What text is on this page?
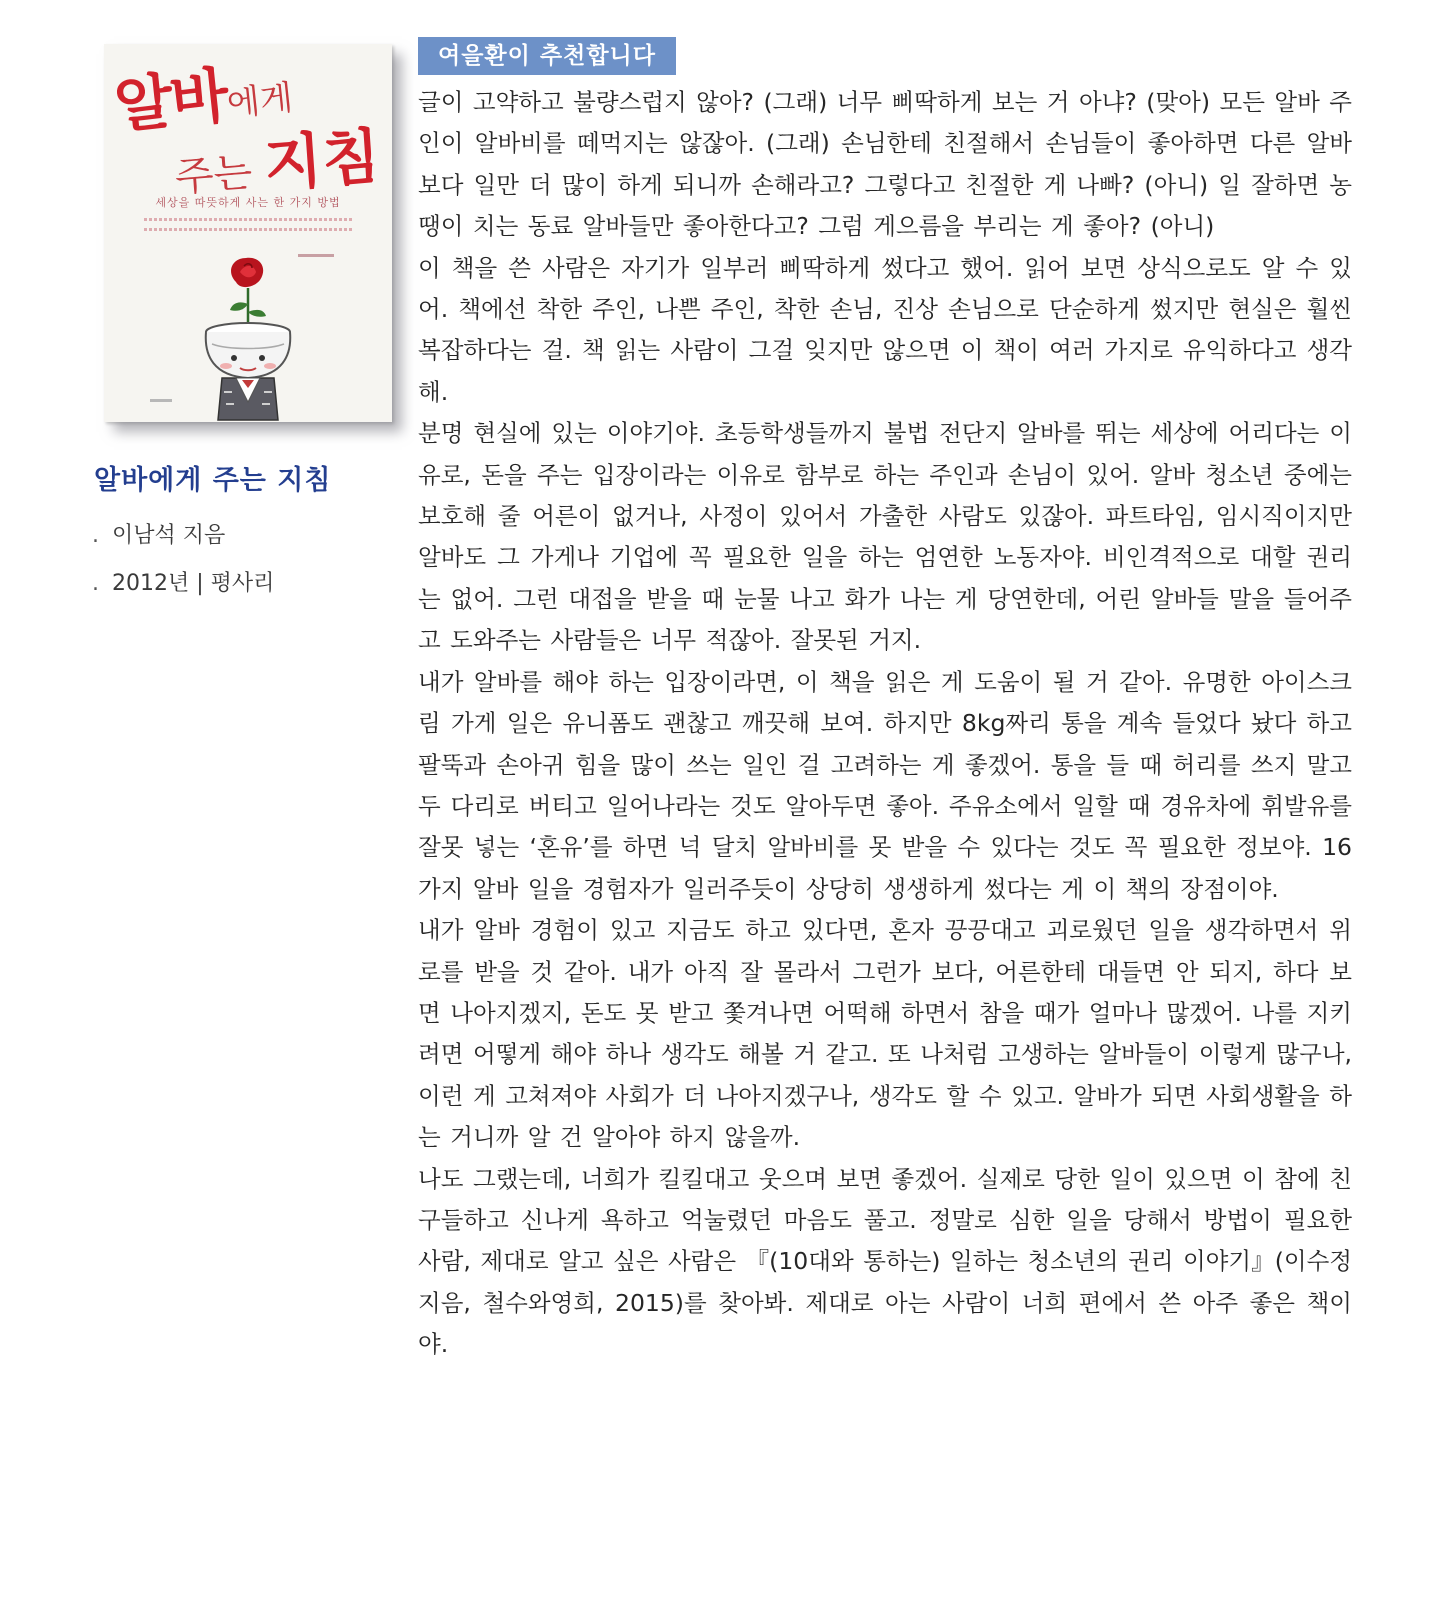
알바에게
주는 지침
세상을 따뜻하게 사는 한 가지 방법
알바에게 주는 지침
. 이남석 지음
. 2012년 | 평사리
여을환이 추천합니다

글이 고약하고 불량스럽지 않아? (그래) 너무 삐딱하게 보는 거 아냐? (맞아) 모든 알바 주인이 알바비를 떼먹지는 않잖아. (그래) 손님한테 친절해서 손님들이 좋아하면 다른 알바보다 일만 더 많이 하게 되니까 손해라고? 그렇다고 친절한 게 나빠? (아니) 일 잘하면 농땡이 치는 동료 알바들만 좋아한다고? 그럼 게으름을 부리는 게 좋아? (아니)

이 책을 쓴 사람은 자기가 일부러 삐딱하게 썼다고 했어. 읽어 보면 상식으로도 알 수 있어. 책에선 착한 주인, 나쁜 주인, 착한 손님, 진상 손님으로 단순하게 썼지만 현실은 훨씬 복잡하다는 걸. 책 읽는 사람이 그걸 잊지만 않으면 이 책이 여러 가지로 유익하다고 생각해.

분명 현실에 있는 이야기야. 초등학생들까지 불법 전단지 알바를 뛰는 세상에 어리다는 이유로, 돈을 주는 입장이라는 이유로 함부로 하는 주인과 손님이 있어. 알바 청소년 중에는 보호해 줄 어른이 없거나, 사정이 있어서 가출한 사람도 있잖아. 파트타임, 임시직이지만 알바도 그 가게나 기업에 꼭 필요한 일을 하는 엄연한 노동자야. 비인격적으로 대할 권리는 없어. 그런 대접을 받을 때 눈물 나고 화가 나는 게 당연한데, 어린 알바들 말을 들어주고 도와주는 사람들은 너무 적잖아. 잘못된 거지.

내가 알바를 해야 하는 입장이라면, 이 책을 읽은 게 도움이 될 거 같아. 유명한 아이스크림 가게 일은 유니폼도 괜찮고 깨끗해 보여. 하지만 8kg짜리 통을 계속 들었다 놨다 하고 팔뚝과 손아귀 힘을 많이 쓰는 일인 걸 고려하는 게 좋겠어. 통을 들 때 허리를 쓰지 말고 두 다리로 버티고 일어나라는 것도 알아두면 좋아. 주유소에서 일할 때 경유차에 휘발유를 잘못 넣는 ‘혼유’를 하면 넉 달치 알바비를 못 받을 수 있다는 것도 꼭 필요한 정보야. 16가지 알바 일을 경험자가 일러주듯이 상당히 생생하게 썼다는 게 이 책의 장점이야.

내가 알바 경험이 있고 지금도 하고 있다면, 혼자 끙끙대고 괴로웠던 일을 생각하면서 위로를 받을 것 같아. 내가 아직 잘 몰라서 그런가 보다, 어른한테 대들면 안 되지, 하다 보면 나아지겠지, 돈도 못 받고 쫓겨나면 어떡해 하면서 참을 때가 얼마나 많겠어. 나를 지키려면 어떻게 해야 하나 생각도 해볼 거 같고. 또 나처럼 고생하는 알바들이 이렇게 많구나, 이런 게 고쳐져야 사회가 더 나아지겠구나, 생각도 할 수 있고. 알바가 되면 사회생활을 하는 거니까 알 건 알아야 하지 않을까.

나도 그랬는데, 너희가 킬킬대고 웃으며 보면 좋겠어. 실제로 당한 일이 있으면 이 참에 친구들하고 신나게 욕하고 억눌렸던 마음도 풀고. 정말로 심한 일을 당해서 방법이 필요한 사람, 제대로 알고 싶은 사람은 『(10대와 통하는) 일하는 청소년의 권리 이야기』(이수정 지음, 철수와영희, 2015)를 찾아봐. 제대로 아는 사람이 너희 편에서 쓴 아주 좋은 책이야.
